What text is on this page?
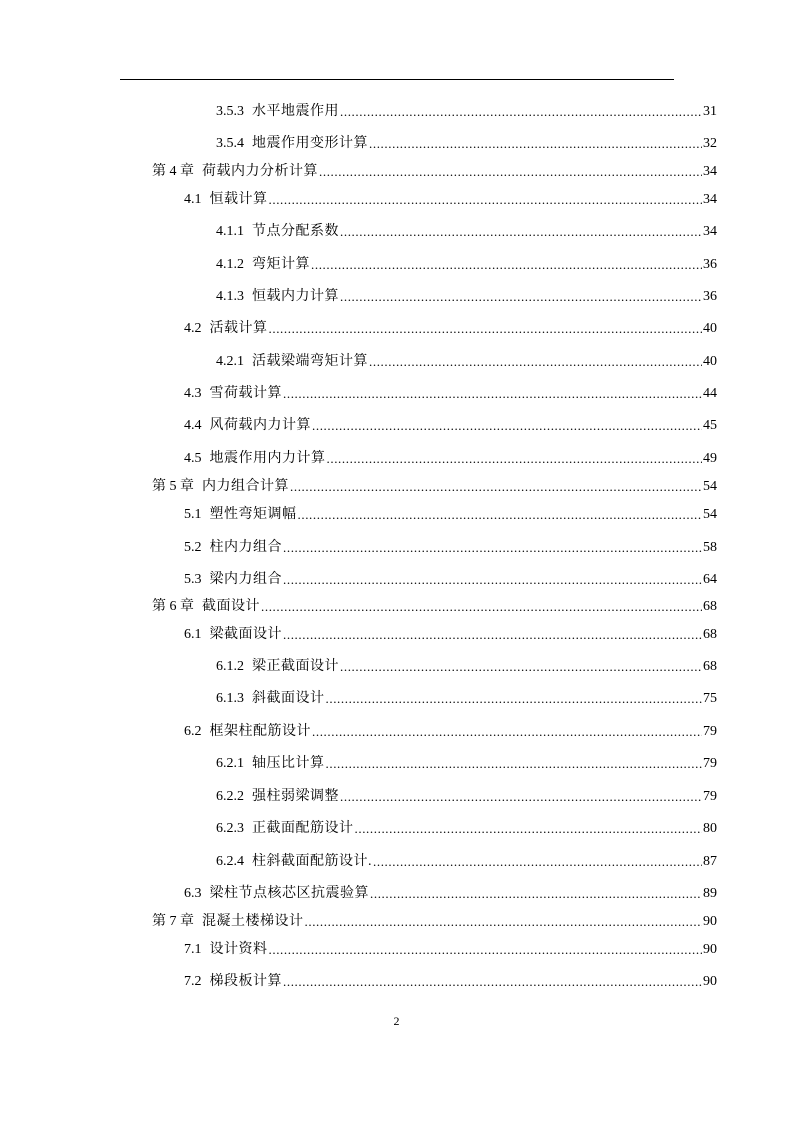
3.5.3 水平地震作用 .....	31
3.5.4 地震作用变形计算 .....	32
第 4 章 荷载内力分析计算 .....	34
4.1 恒载计算 .....	34
4.1.1 节点分配系数 .....	34
4.1.2 弯矩计算 .....	36
4.1.3 恒载内力计算 .....	36
4.2 活载计算 .....	40
4.2.1 活载梁端弯矩计算 .....	40
4.3 雪荷载计算 .....	44
4.4 风荷载内力计算 .....	45
4.5 地震作用内力计算 .....	49
第 5 章 内力组合计算 .....	54
5.1 塑性弯矩调幅 .....	54
5.2 柱内力组合 .....	58
5.3 梁内力组合 .....	64
第 6 章 截面设计 .....	68
6.1 梁截面设计 .....	68
6.1.2 梁正截面设计 .....	68
6.1.3 斜截面设计 .....	75
6.2 框架柱配筋设计 .....	79
6.2.1 轴压比计算 .....	79
6.2.2 强柱弱梁调整 .....	79
6.2.3 正截面配筋设计 .....	80
6.2.4 柱斜截面配筋设计. .....	87
6.3 梁柱节点核芯区抗震验算 .....	89
第 7 章 混凝土楼梯设计 .....	90
7.1 设计资料 .....	90
7.2 梯段板计算 .....	90
2
